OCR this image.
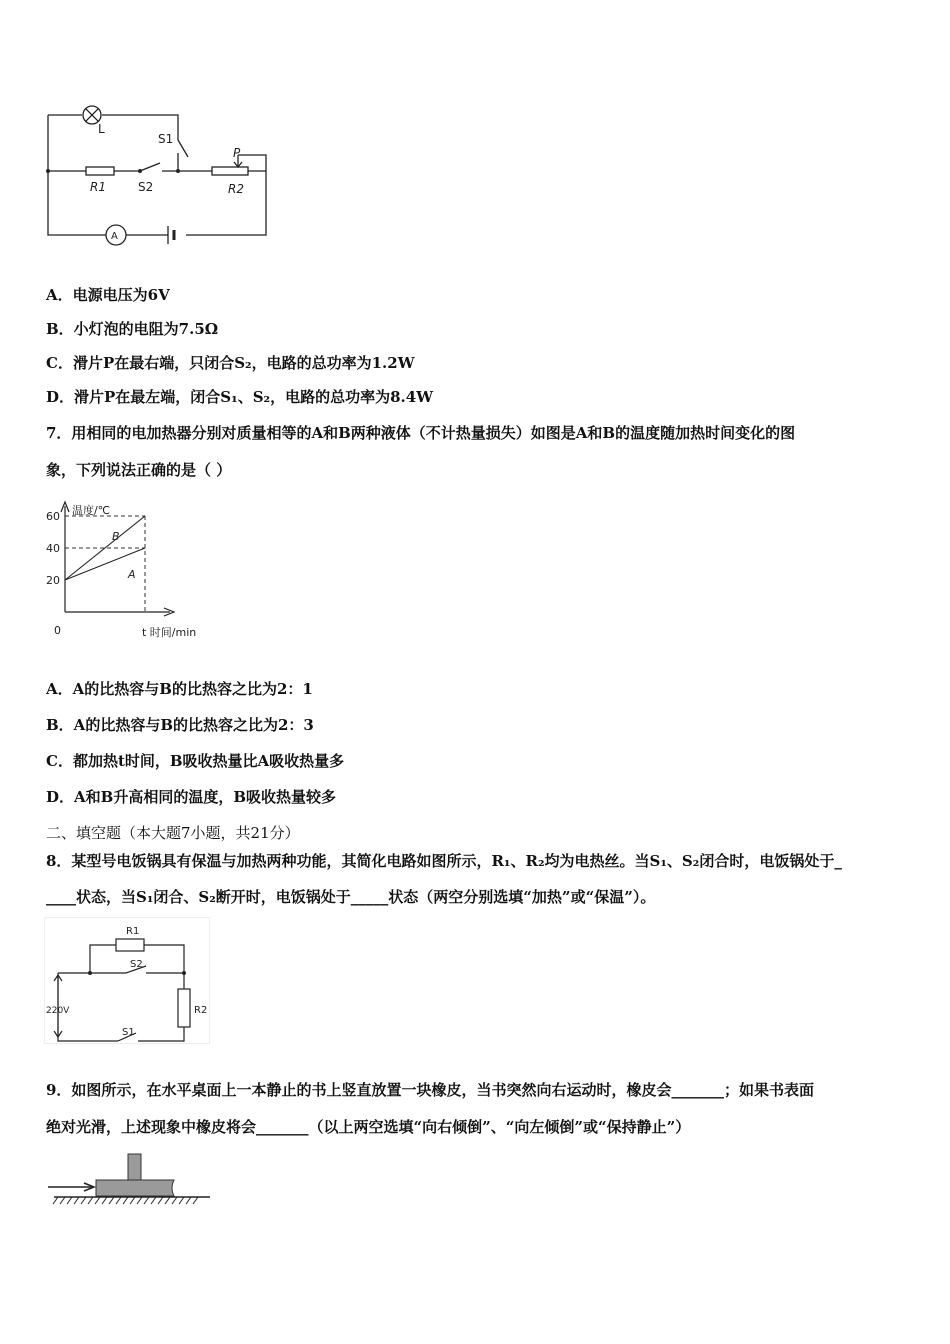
L
S1
R1	S2
P
R2
A
A．电源电压为6V
B．小灯泡的电阻为7.5Ω
C．滑片P在最右端，只闭合S₂，电路的总功率为1.2W
D．滑片P在最左端，闭合S₁、S₂，电路的总功率为8.4W
7．用相同的电加热器分别对质量相等的A和B两种液体（不计热量损失）如图是A和B的温度随加热时间变化的图
象，下列说法正确的是（ ）
温度/℃
t 时间/min
0
60
40
20
B
A
A．A的比热容与B的比热容之比为2：1
B．A的比热容与B的比热容之比为2：3
C．都加热t时间，B吸收热量比A吸收热量多
D．A和B升高相同的温度，B吸收热量较多
二、填空题（本大题7小题，共21分）
8．某型号电饭锅具有保温与加热两种功能，其简化电路如图所示，R₁、R₂均为电热丝。当S₁、S₂闭合时，电饭锅处于_
____状态，当S₁闭合、S₂断开时，电饭锅处于_____状态（两空分别选填“加热”或“保温”）。
R1
S2
R2
S1
220V
9．如图所示，在水平桌面上一本静止的书上竖直放置一块橡皮，当书突然向右运动时，橡皮会_______；如果书表面
绝对光滑，上述现象中橡皮将会_______（以上两空选填“向右倾倒”、“向左倾倒”或“保持静止”）
